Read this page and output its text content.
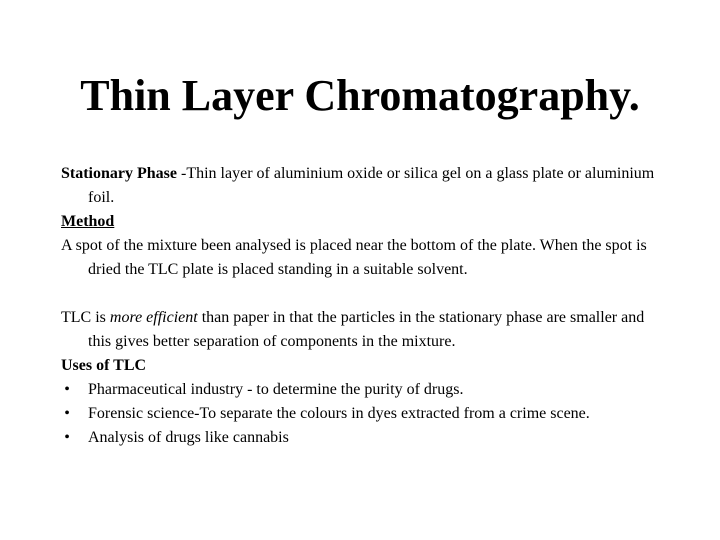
Thin Layer Chromatography.

Stationary Phase -Thin layer of aluminium oxide or silica gel on a glass plate or aluminium foil.

Method

A spot of the mixture been analysed is placed near the bottom of the plate. When the spot is dried the TLC plate is placed standing in a suitable solvent.

TLC is more efficient than paper in that the particles in the stationary phase are smaller and this gives better separation of components in the mixture.

Uses of TLC

• Pharmaceutical industry - to determine the purity of drugs.
• Forensic science-To separate the colours in dyes extracted from a crime scene.
• Analysis of drugs like cannabis
